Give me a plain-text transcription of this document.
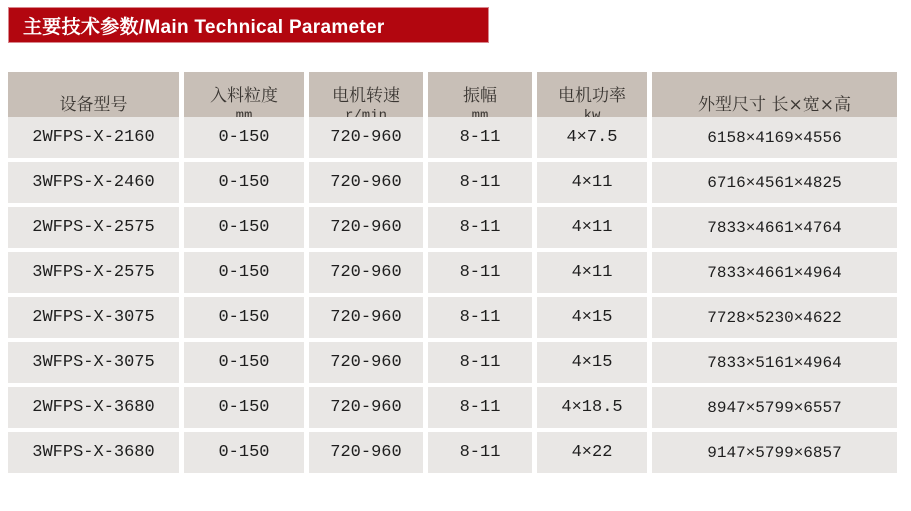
主要技术参数/Main Technical Parameter
设备型号	入料粒度	电机转速	振幅	电机功率	外型尺寸 长×宽×高
2WFPS-X-2160	0-150	720-960	8-11	4×7.5	6158×4169×4556
3WFPS-X-2460	0-150	720-960	8-11	4×11	6716×4561×4825
2WFPS-X-2575	0-150	720-960	8-11	4×11	7833×4661×4764
3WFPS-X-2575	0-150	720-960	8-11	4×11	7833×4661×4964
2WFPS-X-3075	0-150	720-960	8-11	4×15	7728×5230×4622
3WFPS-X-3075	0-150	720-960	8-11	4×15	7833×5161×4964
2WFPS-X-3680	0-150	720-960	8-11	4×18.5	8947×5799×6557
3WFPS-X-3680	0-150	720-960	8-11	4×22	9147×5799×6857
